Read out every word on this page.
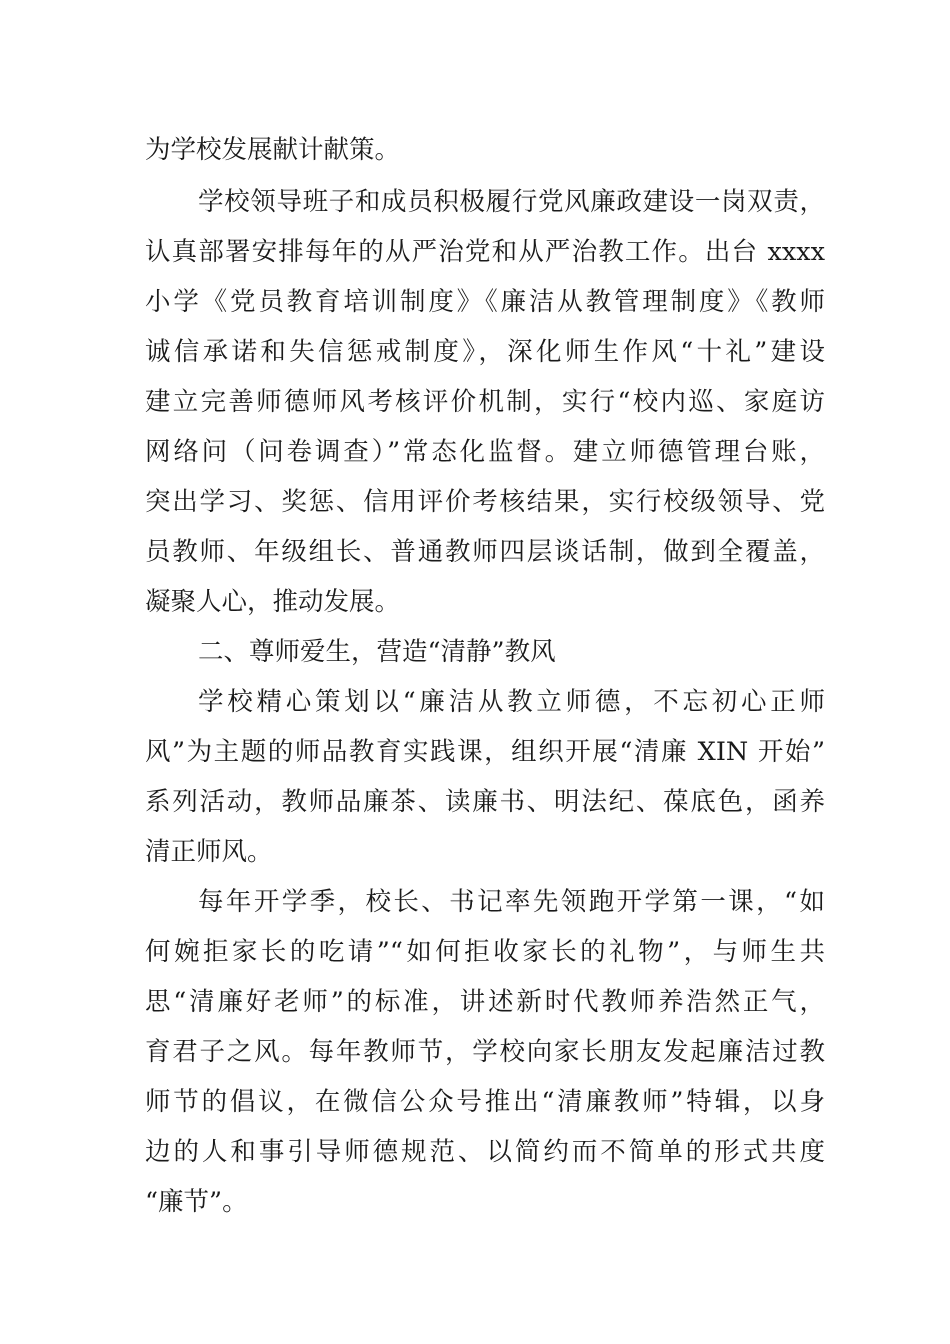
为学校发展献计献策。
学校领导班子和成员积极履行党风廉政建设一岗双责，
认真部署安排每年的从严治党和从严治教工作。出台 xxxx
小学《党员教育培训制度》《廉洁从教管理制度》《教师
诚信承诺和失信惩戒制度》，深化师生作风“十礼”建设
建立完善师德师风考核评价机制，实行“校内巡、家庭访
网络问（问卷调查）”常态化监督。建立师德管理台账，
突出学习、奖惩、信用评价考核结果，实行校级领导、党
员教师、年级组长、普通教师四层谈话制，做到全覆盖，
凝聚人心，推动发展。
二、尊师爱生，营造“清静”教风
学校精心策划以“廉洁从教立师德，不忘初心正师
风”为主题的师品教育实践课，组织开展“清廉 XIN 开始”
系列活动，教师品廉茶、读廉书、明法纪、葆底色，函养
清正师风。
每年开学季，校长、书记率先领跑开学第一课，“如
何婉拒家长的吃请”“如何拒收家长的礼物”，与师生共
思“清廉好老师”的标准，讲述新时代教师养浩然正气，
育君子之风。每年教师节，学校向家长朋友发起廉洁过教
师节的倡议，在微信公众号推出“清廉教师”特辑，以身
边的人和事引导师德规范、以简约而不简单的形式共度
“廉节”。
